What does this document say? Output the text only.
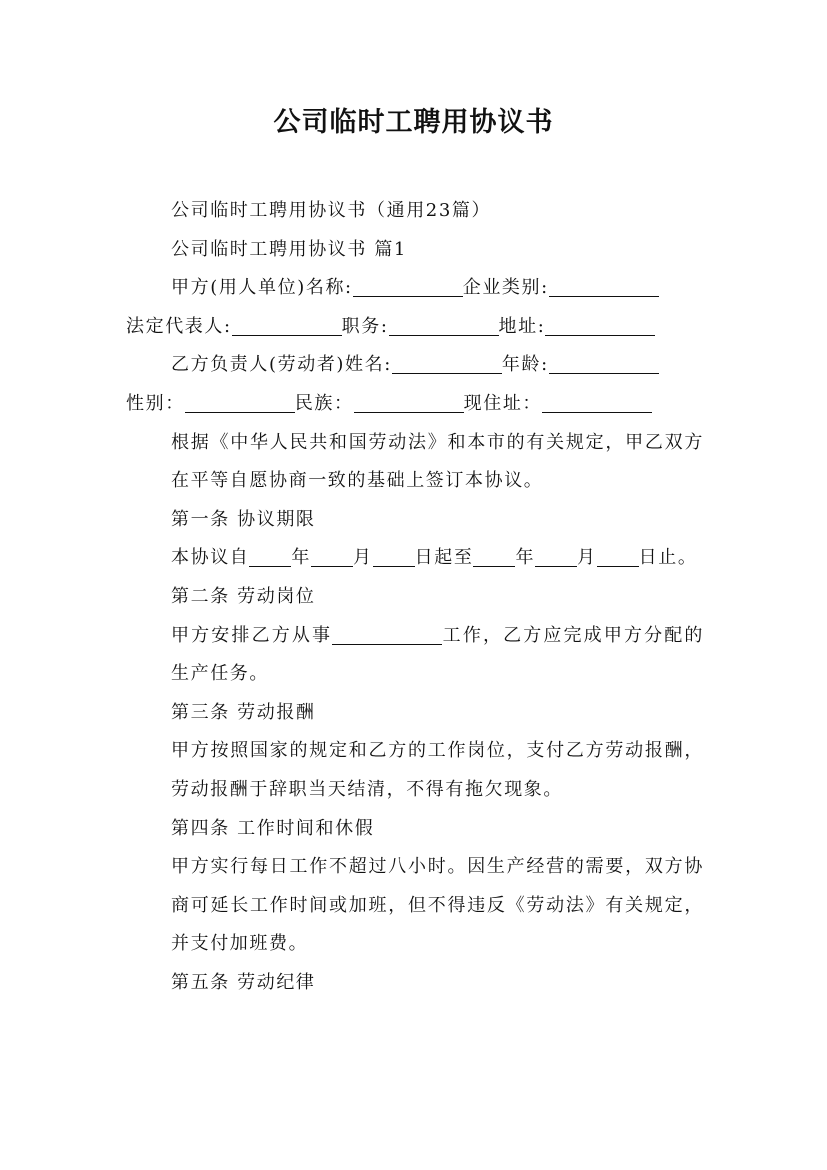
公司临时工聘用协议书

公司临时工聘用协议书（通用23篇）

公司临时工聘用协议书 篇1

甲方(用人单位)名称:	企业类别:

法定代表人:	职务:	地址:

乙方负责人(劳动者)姓名:	年龄:

性别：	民族：	现住址：

根据《中华人民共和国劳动法》和本市的有关规定，甲乙双方在平等自愿协商一致的基础上签订本协议。

第一条 协议期限

本协议自 年 月 日起至 年 月 日止。

第二条 劳动岗位

甲方安排乙方从事	工作，乙方应完成甲方分配的生产任务。

第三条 劳动报酬

甲方按照国家的规定和乙方的工作岗位，支付乙方劳动报酬，劳动报酬于辞职当天结清，不得有拖欠现象。

第四条 工作时间和休假

甲方实行每日工作不超过八小时。因生产经营的需要，双方协商可延长工作时间或加班，但不得违反《劳动法》有关规定，并支付加班费。

第五条 劳动纪律
